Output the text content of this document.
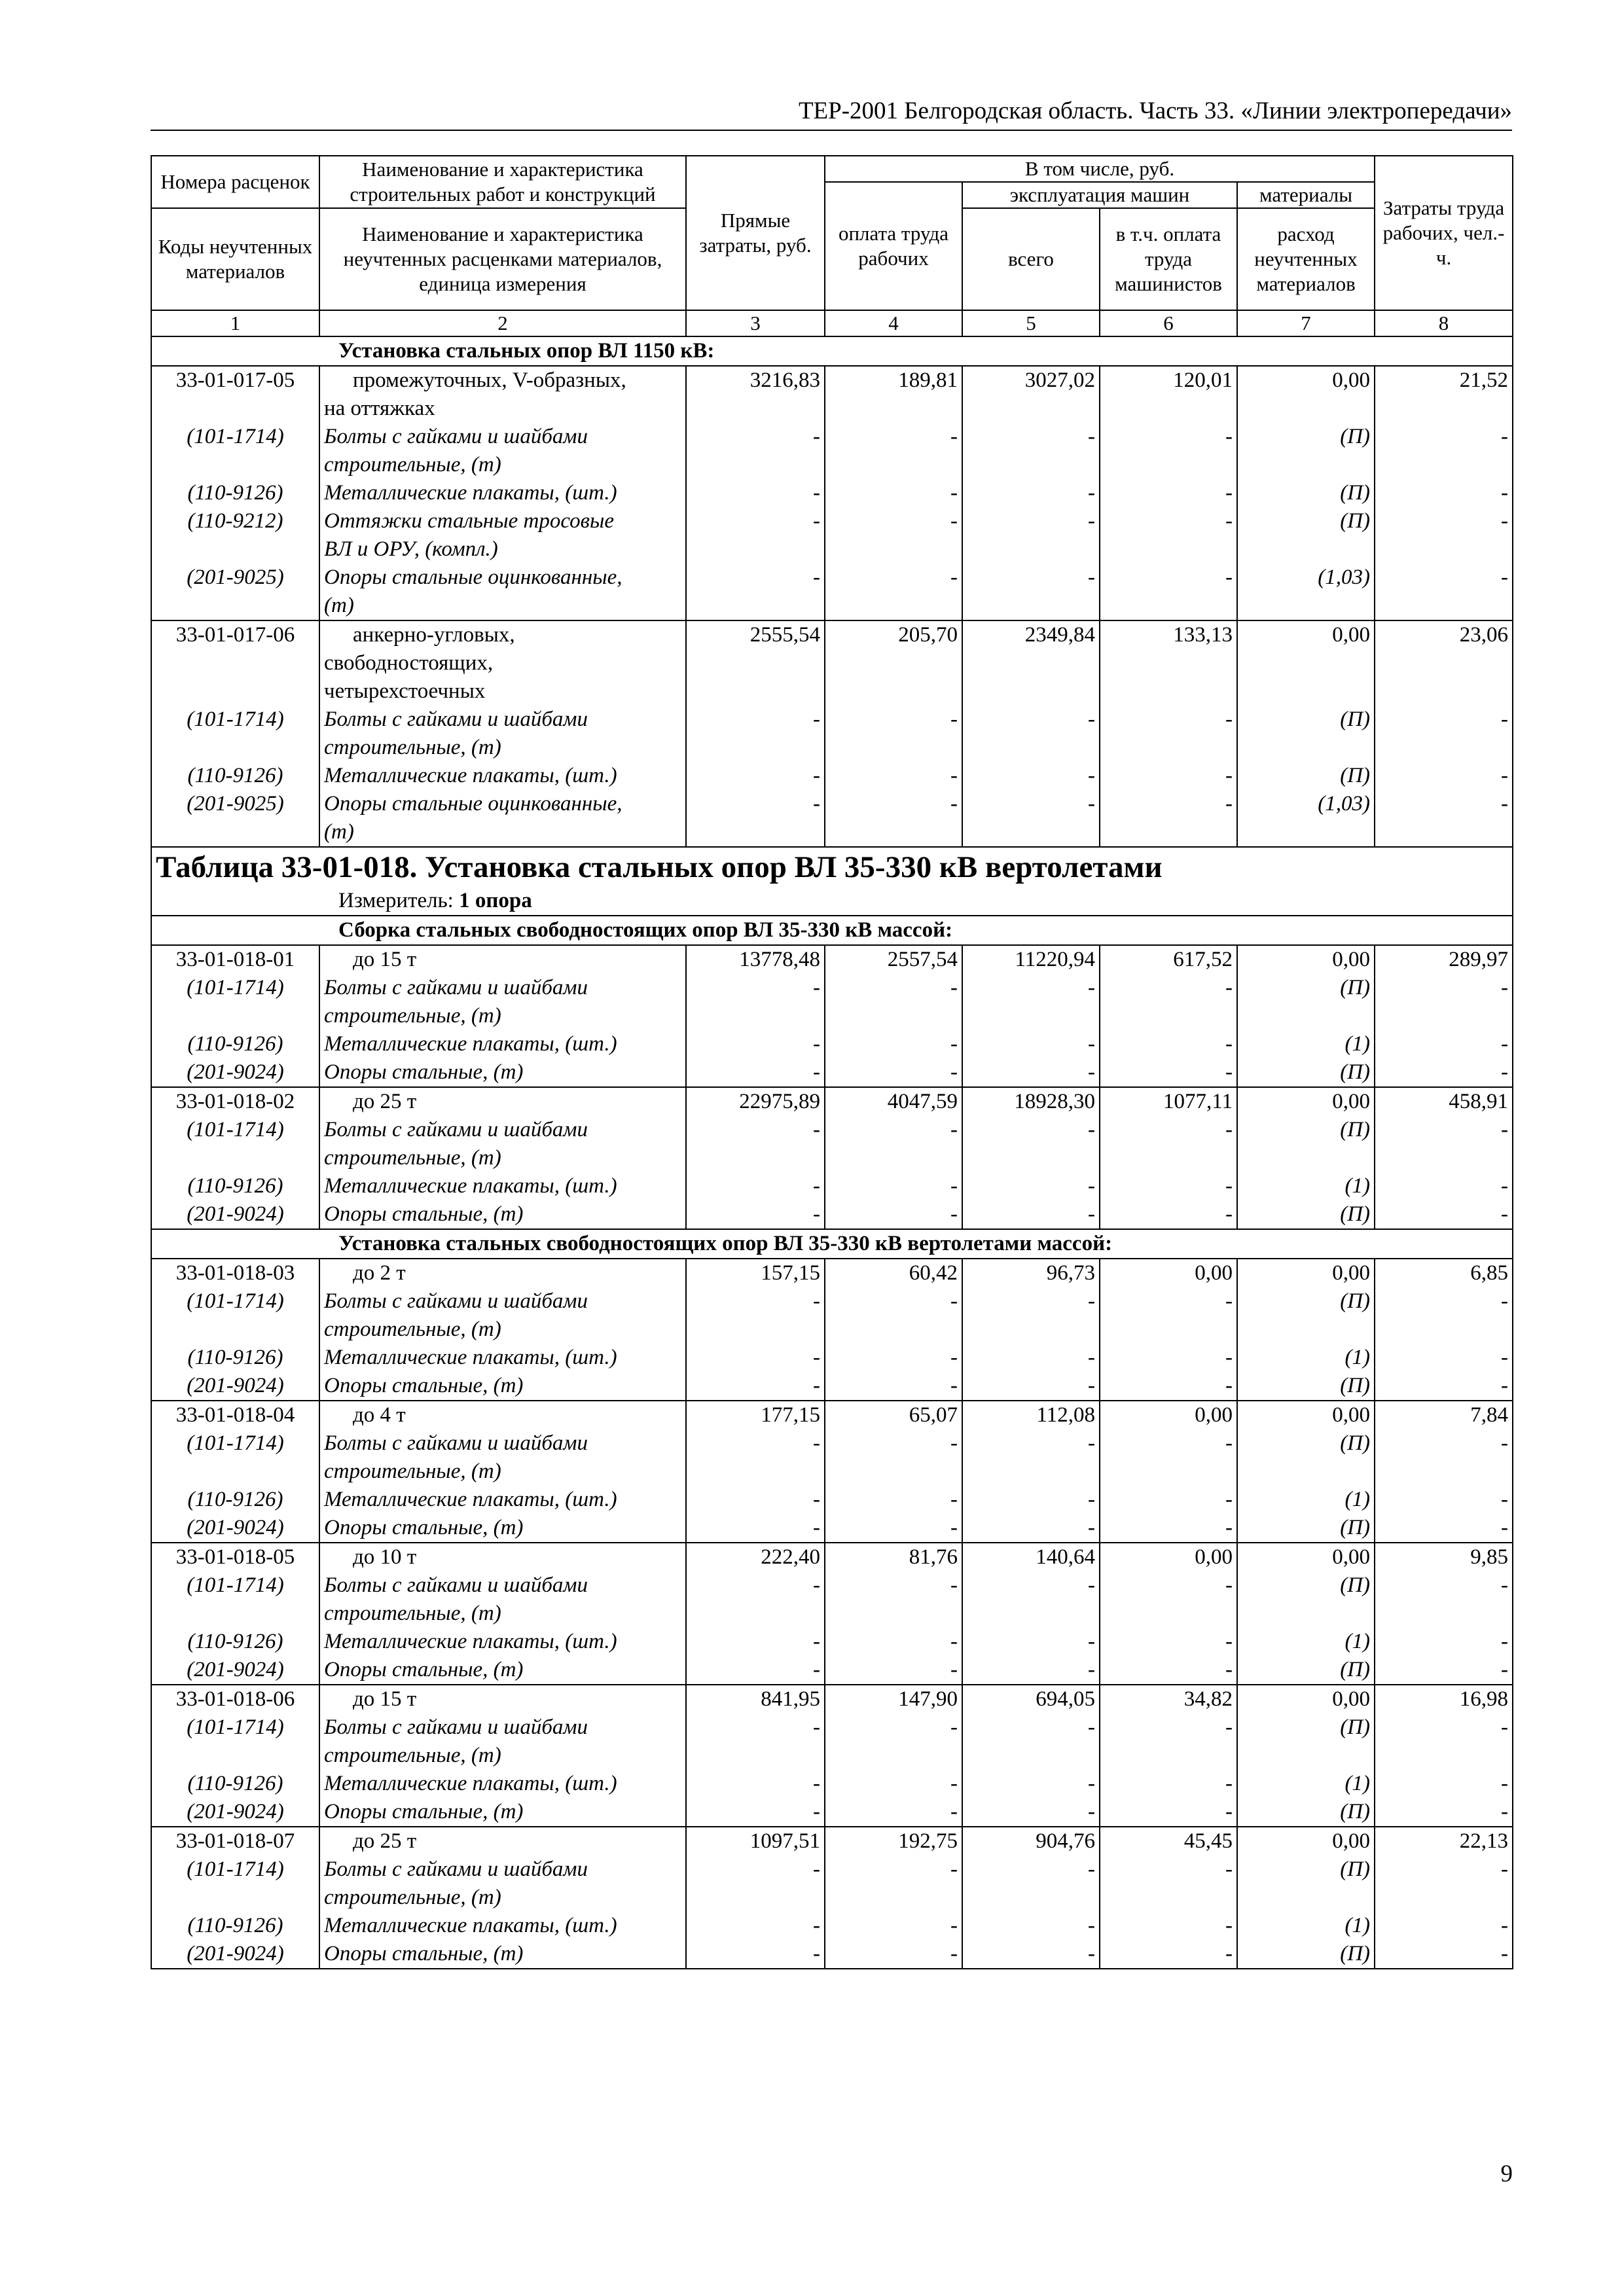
ТЕР-2001 Белгородская область. Часть 33. «Линии электропередачи»
Номера расценок	Наименование и характеристика строительных работ и конструкций	Прямые затраты, руб.	В том числе, руб.				Затраты труда рабочих, чел.-ч.
			оплата труда рабочих	эксплуатация машин		материалы	
Коды неучтенных материалов	Наименование и характеристика неучтенных расценками материалов, единица измерения			всего	в т.ч. оплата труда машинистов	расход неучтенных материалов	

1	2	3	4	5	6	7	8
Установка стальных опор ВЛ 1150 кВ:							
33-01-017-05	промежуточных, V-образных,
на оттяжках	3216,83	189,81	3027,02	120,01	0,00	21,52
(101-1714)	Болты с гайками и шайбами
строительные, (т)	-	-	-	-	(П)	-
(110-9126)	Металлические плакаты, (шт.)	-	-	-	-	(П)	-
(110-9212)	Оттяжки стальные тросовые
ВЛ и ОРУ, (компл.)	-	-	-	-	(П)	-
(201-9025)	Опоры стальные оцинкованные,
(т)	-	-	-	-	(1,03)	-
33-01-017-06	анкерно-угловых,
свободностоящих,
четырехстоечных	2555,54	205,70	2349,84	133,13	0,00	23,06
(101-1714)	Болты с гайками и шайбами
строительные, (т)	-	-	-	-	(П)	-
(110-9126)	Металлические плакаты, (шт.)	-	-	-	-	(П)	-
(201-9025)	Опоры стальные оцинкованные,
(т)	-	-	-	-	(1,03)	-
Таблица 33-01-018. Установка стальных опор ВЛ 35-330 кВ вертолетами							
Измеритель: 1 опора							
Сборка стальных свободностоящих опор ВЛ 35-330 кВ массой:							
33-01-018-01	до 15 т	13778,48	2557,54	11220,94	617,52	0,00	289,97
(101-1714)	Болты с гайками и шайбами
строительные, (т)	-	-	-	-	(П)	-
(110-9126)	Металлические плакаты, (шт.)	-	-	-	-	(1)	-
(201-9024)	Опоры стальные, (т)	-	-	-	-	(П)	-
33-01-018-02	до 25 т	22975,89	4047,59	18928,30	1077,11	0,00	458,91
(101-1714)	Болты с гайками и шайбами
строительные, (т)	-	-	-	-	(П)	-
(110-9126)	Металлические плакаты, (шт.)	-	-	-	-	(1)	-
(201-9024)	Опоры стальные, (т)	-	-	-	-	(П)	-
Установка стальных свободностоящих опор ВЛ 35-330 кВ вертолетами массой:							
33-01-018-03	до 2 т	157,15	60,42	96,73	0,00	0,00	6,85
(101-1714)	Болты с гайками и шайбами
строительные, (т)	-	-	-	-	(П)	-
(110-9126)	Металлические плакаты, (шт.)	-	-	-	-	(1)	-
(201-9024)	Опоры стальные, (т)	-	-	-	-	(П)	-
33-01-018-04	до 4 т	177,15	65,07	112,08	0,00	0,00	7,84
(101-1714)	Болты с гайками и шайбами
строительные, (т)	-	-	-	-	(П)	-
(110-9126)	Металлические плакаты, (шт.)	-	-	-	-	(1)	-
(201-9024)	Опоры стальные, (т)	-	-	-	-	(П)	-
33-01-018-05	до 10 т	222,40	81,76	140,64	0,00	0,00	9,85
(101-1714)	Болты с гайками и шайбами
строительные, (т)	-	-	-	-	(П)	-
(110-9126)	Металлические плакаты, (шт.)	-	-	-	-	(1)	-
(201-9024)	Опоры стальные, (т)	-	-	-	-	(П)	-
33-01-018-06	до 15 т	841,95	147,90	694,05	34,82	0,00	16,98
(101-1714)	Болты с гайками и шайбами
строительные, (т)	-	-	-	-	(П)	-
(110-9126)	Металлические плакаты, (шт.)	-	-	-	-	(1)	-
(201-9024)	Опоры стальные, (т)	-	-	-	-	(П)	-
33-01-018-07	до 25 т	1097,51	192,75	904,76	45,45	0,00	22,13
(101-1714)	Болты с гайками и шайбами
строительные, (т)	-	-	-	-	(П)	-
(110-9126)	Металлические плакаты, (шт.)	-	-	-	-	(1)	-
(201-9024)	Опоры стальные, (т)	-	-	-	-	(П)	-
9
